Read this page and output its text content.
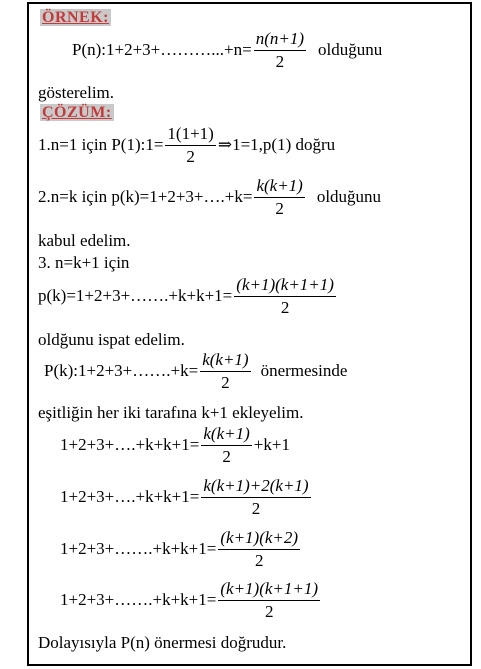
ÖRNEK:
P(n):1+2+3+………...+n= $\frac{n(n+1)}{2}$ olduğunu
gösterelim.
ÇÖZÜM:
1.n=1 için P(1):1= $\frac{1(1+1)}{2}$ ⇒1=1,p(1) doğru
2.n=k için p(k)=1+2+3+….+k= $\frac{k(k+1)}{2}$ olduğunu
kabul edelim.
3. n=k+1 için
p(k)=1+2+3+…….+k+k+1= $\frac{(k+1)(k+1+1)}{2}$
oldğunu ispat edelim.
P(k):1+2+3+…….+k= $\frac{k(k+1)}{2}$ önermesinde
eşitliğin her iki tarafına k+1 ekleyelim.
1+2+3+….+k+k+1= $\frac{k(k+1)}{2} +k+1$
1+2+3+….+k+k+1= $\frac{k(k+1)+2(k+1)}{2}$
1+2+3+…….+k+k+1= $\frac{(k+1)(k+2)}{2}$
1+2+3+…….+k+k+1= $\frac{(k+1)(k+1+1)}{2}$
Dolayısıyla P(n) önermesi doğrudur.
